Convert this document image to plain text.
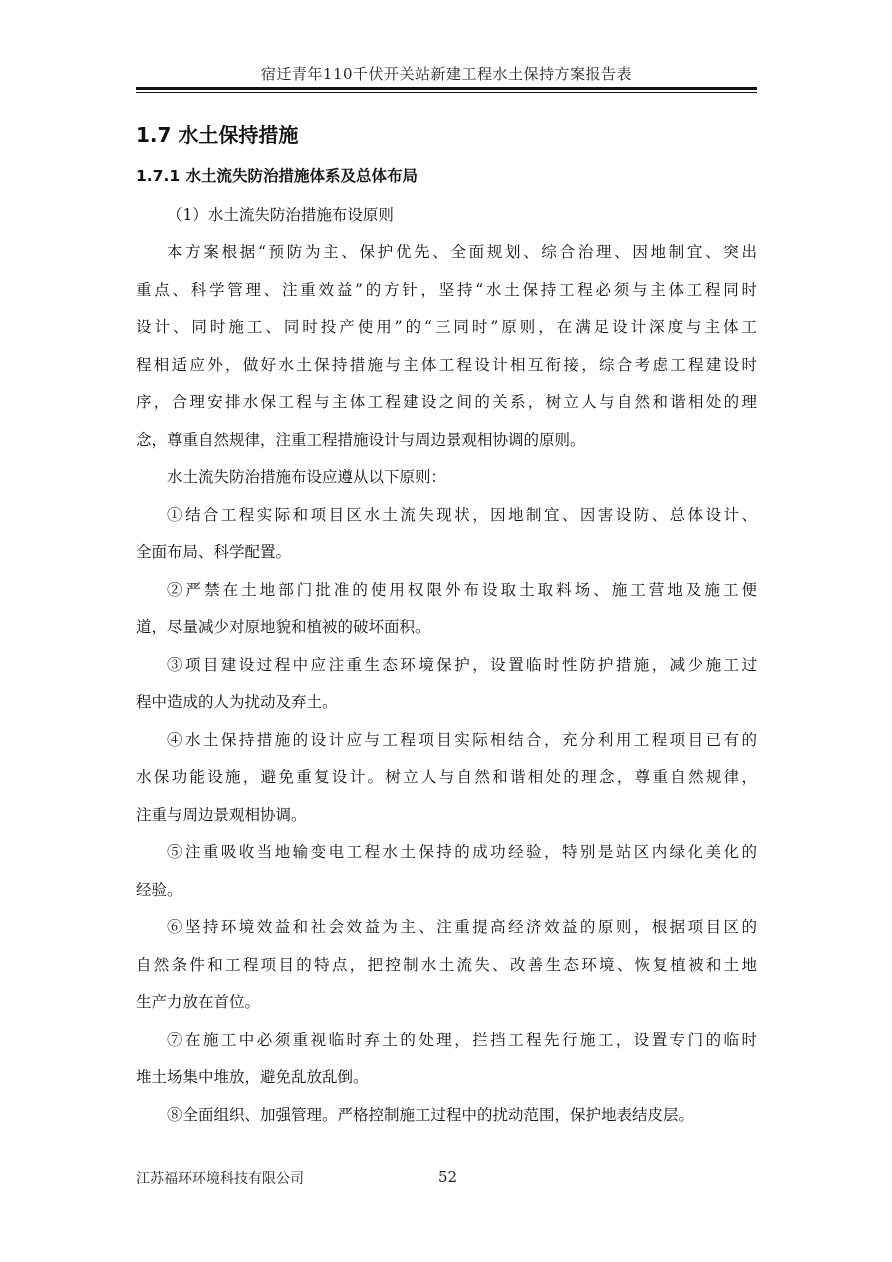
宿迁青年110千伏开关站新建工程水土保持方案报告表
1.7 水土保持措施
1.7.1 水土流失防治措施体系及总体布局

（1）水土流失防治措施布设原则

本方案根据“预防为主、保护优先、全面规划、综合治理、因地制宜、突出
重点、科学管理、注重效益”的方针，坚持“水土保持工程必须与主体工程同时
设计、同时施工、同时投产使用”的“三同时”原则，在满足设计深度与主体工
程相适应外，做好水土保持措施与主体工程设计相互衔接，综合考虑工程建设时
序，合理安排水保工程与主体工程建设之间的关系，树立人与自然和谐相处的理
念，尊重自然规律，注重工程措施设计与周边景观相协调的原则。

水土流失防治措施布设应遵从以下原则：

①结合工程实际和项目区水土流失现状，因地制宜、因害设防、总体设计、
全面布局、科学配置。

②严禁在土地部门批准的使用权限外布设取土取料场、施工营地及施工便
道，尽量减少对原地貌和植被的破坏面积。

③项目建设过程中应注重生态环境保护，设置临时性防护措施，减少施工过
程中造成的人为扰动及弃土。

④水土保持措施的设计应与工程项目实际相结合，充分利用工程项目已有的
水保功能设施，避免重复设计。树立人与自然和谐相处的理念，尊重自然规律，
注重与周边景观相协调。

⑤注重吸收当地输变电工程水土保持的成功经验，特别是站区内绿化美化的
经验。

⑥坚持环境效益和社会效益为主、注重提高经济效益的原则，根据项目区的
自然条件和工程项目的特点，把控制水土流失、改善生态环境、恢复植被和土地
生产力放在首位。

⑦在施工中必须重视临时弃土的处理，拦挡工程先行施工，设置专门的临时
堆土场集中堆放，避免乱放乱倒。

⑧全面组织、加强管理。严格控制施工过程中的扰动范围，保护地表结皮层。

江苏福环环境科技有限公司	52
